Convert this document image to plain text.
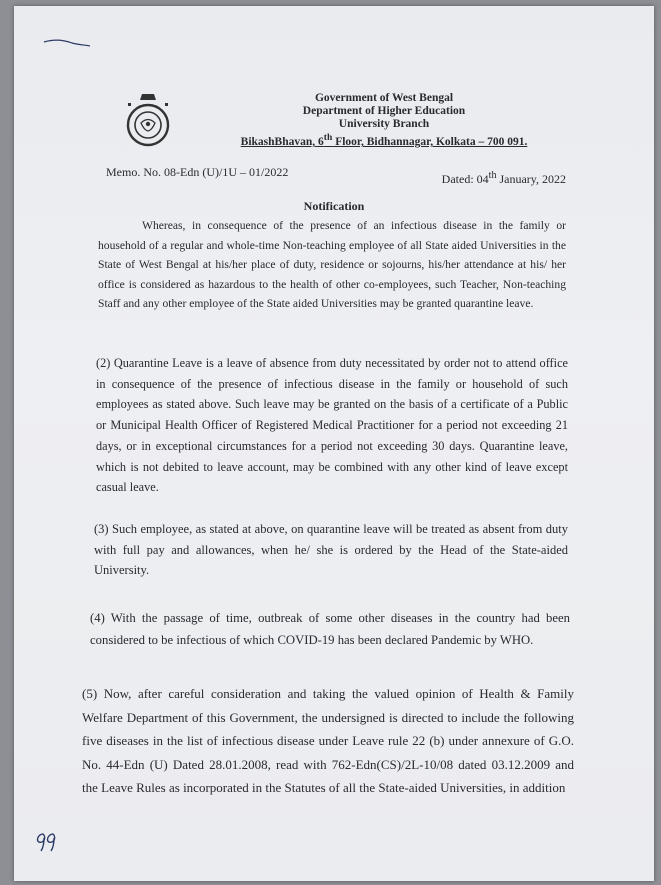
Government of West Bengal
Department of Higher Education
University Branch
BikashBhavan, 6th Floor, Bidhannagar, Kolkata – 700 091.
Memo. No. 08-Edn (U)/1U – 01/2022	Dated: 04th January, 2022
Notification
Whereas, in consequence of the presence of an infectious disease in the family or household of a regular and whole-time Non-teaching employee of all State aided Universities in the State of West Bengal at his/her place of duty, residence or sojourns, his/her attendance at his/ her office is considered as hazardous to the health of other co-employees, such Teacher, Non-teaching Staff and any other employee of the State aided Universities may be granted quarantine leave.
(2) Quarantine Leave is a leave of absence from duty necessitated by order not to attend office in consequence of the presence of infectious disease in the family or household of such employees as stated above. Such leave may be granted on the basis of a certificate of a Public or Municipal Health Officer of Registered Medical Practitioner for a period not exceeding 21 days, or in exceptional circumstances for a period not exceeding 30 days. Quarantine leave, which is not debited to leave account, may be combined with any other kind of leave except casual leave.
(3) Such employee, as stated at above, on quarantine leave will be treated as absent from duty with full pay and allowances, when he/ she is ordered by the Head of the State-aided University.
(4) With the passage of time, outbreak of some other diseases in the country had been considered to be infectious of which COVID-19 has been declared Pandemic by WHO.
(5) Now, after careful consideration and taking the valued opinion of Health & Family Welfare Department of this Government, the undersigned is directed to include the following five diseases in the list of infectious disease under Leave rule 22 (b) under annexure of G.O. No. 44-Edn (U) Dated 28.01.2008, read with 762-Edn(CS)/2L-10/08 dated 03.12.2009 and the Leave Rules as incorporated in the Statutes of all the State-aided Universities, in addition
